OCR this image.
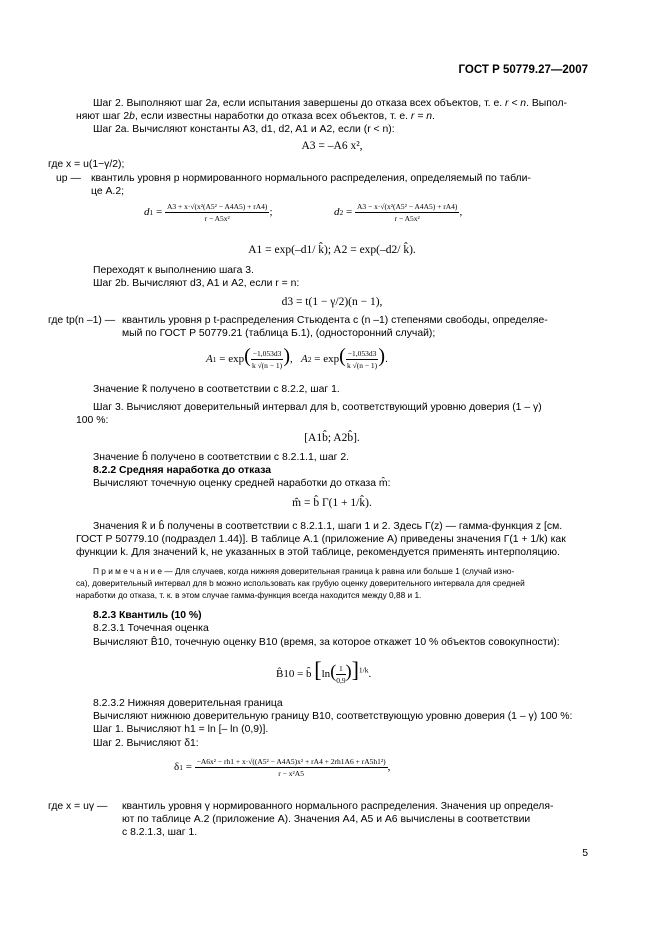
ГОСТ Р 50779.27—2007
Шаг 2. Выполняют шаг 2a, если испытания завершены до отказа всех объектов, т. е. r < n. Выпол-
няют шаг 2b, если известны наработки до отказа всех объектов, т. е. r = n.
Шаг 2a. Вычисляют константы A3, d1, d2, A1 и A2, если (r < n):
A3 = –A6 x²,
где x = u(1−γ/2);
up — квантиль уровня p нормированного нормального распределения, определяемый по табли-
це A.2;
$d1 = \frac{\text{A3 + x·√(x²(A5² − A4A5) + rA4)}}{\text{r − A5x²}}$ ;	$d2 = \frac{\text{A3 − x·√(x²(A5² − A4A5) + rA4)}}{\text{r − A5x²}}$ ,
A1 = exp(–d1/ k̂); A2 = exp(–d2/ k̂).
Переходят к выполнению шага 3.
Шаг 2b. Вычисляют d3, A1 и A2, если r = n:
d3 = t(1 − γ/2)(n − 1),
где tp(n –1) — квантиль уровня p t-распределения Стьюдента с (n –1) степенями свободы, определяе-
мый по ГОСТ Р 50779.21 (таблица Б.1), (односторонний случай);
$A1 = \exp( \frac{-1,053d3}{k √(n - 1)}$ ),   $A2 = \exp( \frac{-1,053d3}{k √(n - 1)}$ ).
Значение k̂ получено в соответствии с 8.2.2, шаг 1.
Шаг 3. Вычисляют доверительный интервал для b, соответствующий уровню доверия (1 – γ)
100 %:
[A1b̂; A2b̂].
Значение b̂ получено в соответствии с 8.2.1.1, шаг 2.
8.2.2 Средняя наработка до отказа
Вычисляют точечную оценку средней наработки до отказа m̂:
m̂ = b̂ Γ(1 + 1/k̂).
Значения k̂ и b̂ получены в соответствии с 8.2.1.1, шаги 1 и 2. Здесь Г(z) — гамма-функция z [см.
ГОСТ Р 50779.10 (подраздел 1.44)]. В таблице A.1 (приложение А) приведены значения Г(1 + 1/k) как
функции k. Для значений k, не указанных в этой таблице, рекомендуется применять интерполяцию.
П р и м е ч а н и е — Для случаев, когда нижняя доверительная граница k равна или больше 1 (случай изно-
са), доверительный интервал для b можно использовать как грубую оценку доверительного интервала для средней
наработки до отказа, т. к. в этом случае гамма-функция всегда находится между 0,88 и 1.
8.2.3 Квантиль (10 %)
8.2.3.1 Точечная оценка
Вычисляют B̂10, точечную оценку B10 (время, за которое откажет 10 % объектов совокупности):
B̂10 = b̂ $[\ln( \frac{1}{0,9} )]^{1/k}$.
8.2.3.2 Нижняя доверительная граница
Вычисляют нижнюю доверительную границу B10, соответствующую уровню доверия (1 – γ) 100 %:
Шаг 1. Вычисляют h1 = ln [– ln (0,9)].
Шаг 2. Вычисляют δ1:
$\delta 1 = \frac{\text{−A6x² − rh1 + x·√((A5² − A4A5)x² + rA4 + 2rh1A6 + rA5h1²)}}{\text{r − x²A5}}$ ,
где x = uγ — квантиль уровня γ нормированного нормального распределения. Значения up определя-
ют по таблице A.2 (приложение А). Значения A4, A5 и A6 вычислены в соответствии
с 8.2.1.3, шаг 1.
5
